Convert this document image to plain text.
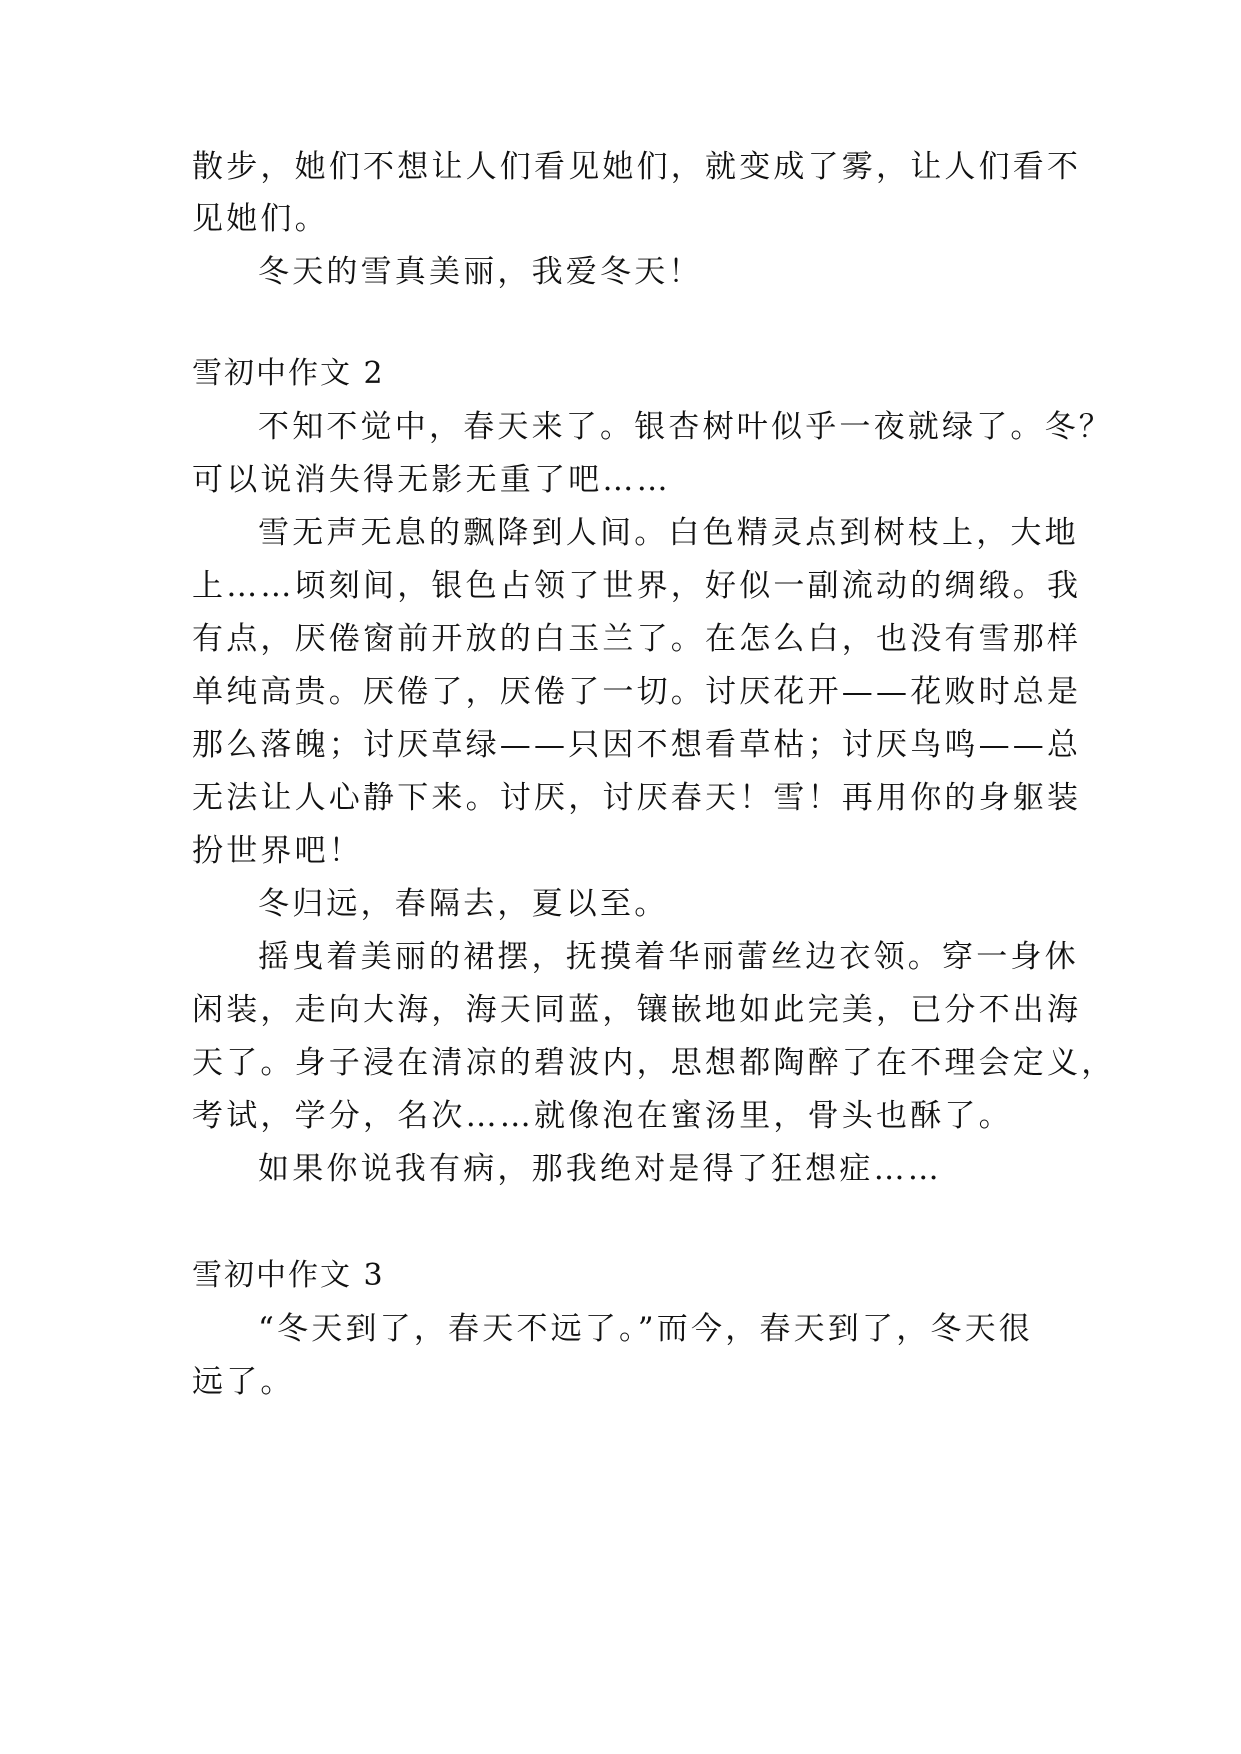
散步，她们不想让人们看见她们，就变成了雾，让人们看不

见她们。

冬天的雪真美丽，我爱冬天！

雪初中作文 2

不知不觉中，春天来了。银杏树叶似乎一夜就绿了。冬？

可以说消失得无影无重了吧……

雪无声无息的飘降到人间。白色精灵点到树枝上，大地

上……顷刻间，银色占领了世界，好似一副流动的绸缎。我

有点，厌倦窗前开放的白玉兰了。在怎么白，也没有雪那样

单纯高贵。厌倦了，厌倦了一切。讨厌花开——花败时总是

那么落魄；讨厌草绿——只因不想看草枯；讨厌鸟鸣——总

无法让人心静下来。讨厌，讨厌春天！雪！再用你的身躯装

扮世界吧！

冬归远，春隔去，夏以至。

摇曳着美丽的裙摆，抚摸着华丽蕾丝边衣领。穿一身休

闲装，走向大海，海天同蓝，镶嵌地如此完美，已分不出海

天了。身子浸在清凉的碧波内，思想都陶醉了在不理会定义，

考试，学分，名次……就像泡在蜜汤里，骨头也酥了。

如果你说我有病，那我绝对是得了狂想症……

雪初中作文 3

“冬天到了，春天不远了。”而今，春天到了，冬天很

远了。
